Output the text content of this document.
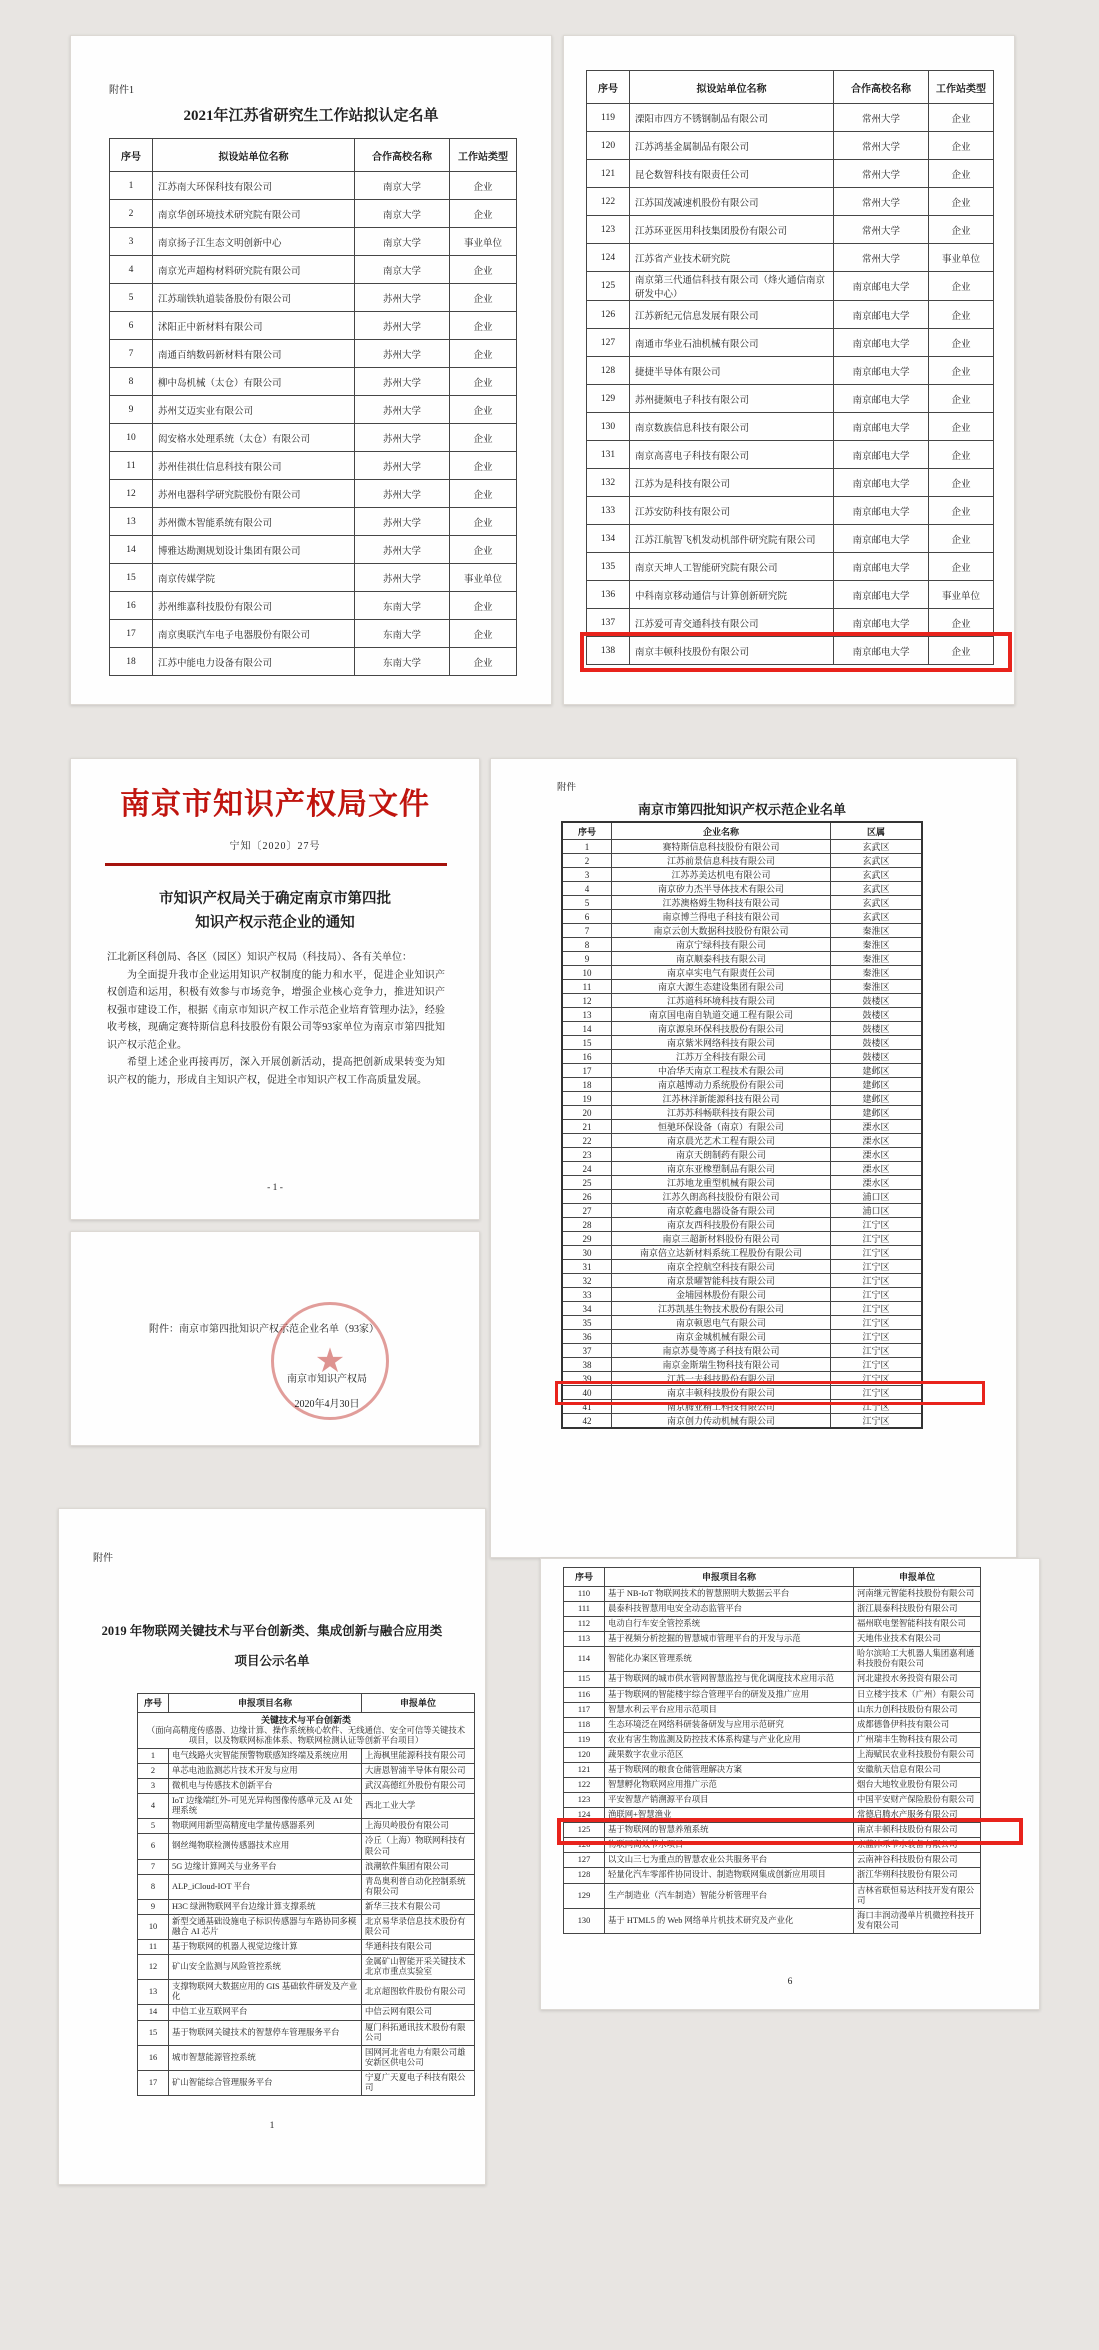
附件1
2021年江苏省研究生工作站拟认定名单
序号	拟设站单位名称	合作高校名称	工作站类型
1	江苏南大环保科技有限公司	南京大学	企业
2	南京华创环境技术研究院有限公司	南京大学	企业
3	南京扬子江生态文明创新中心	南京大学	事业单位
4	南京光声超构材料研究院有限公司	南京大学	企业
5	江苏瑞铁轨道装备股份有限公司	苏州大学	企业
6	沭阳正中新材料有限公司	苏州大学	企业
7	南通百纳数码新材料有限公司	苏州大学	企业
8	柳中岛机械（太仓）有限公司	苏州大学	企业
9	苏州艾迈实业有限公司	苏州大学	企业
10	闳安格水处理系统（太仓）有限公司	苏州大学	企业
11	苏州佳祺仕信息科技有限公司	苏州大学	企业
12	苏州电器科学研究院股份有限公司	苏州大学	企业
13	苏州微木智能系统有限公司	苏州大学	企业
14	博雅达勘测规划设计集团有限公司	苏州大学	企业
15	南京传媒学院	苏州大学	事业单位
16	苏州维嘉科技股份有限公司	东南大学	企业
17	南京奥联汽车电子电器股份有限公司	东南大学	企业
18	江苏中能电力设备有限公司	东南大学	企业
序号	拟设站单位名称	合作高校名称	工作站类型
119	溧阳市四方不锈钢制品有限公司	常州大学	企业
120	江苏鸿基金属制品有限公司	常州大学	企业
121	昆仑数智科技有限责任公司	常州大学	企业
122	江苏国茂减速机股份有限公司	常州大学	企业
123	江苏环亚医用科技集团股份有限公司	常州大学	企业
124	江苏省产业技术研究院	常州大学	事业单位
125	南京第三代通信科技有限公司（烽火通信南京研发中心）	南京邮电大学	企业
126	江苏新纪元信息发展有限公司	南京邮电大学	企业
127	南通市华业石油机械有限公司	南京邮电大学	企业
128	捷捷半导体有限公司	南京邮电大学	企业
129	苏州捷频电子科技有限公司	南京邮电大学	企业
130	南京数族信息科技有限公司	南京邮电大学	企业
131	南京高喜电子科技有限公司	南京邮电大学	企业
132	江苏为是科技有限公司	南京邮电大学	企业
133	江苏安防科技有限公司	南京邮电大学	企业
134	江苏江航智飞机发动机部件研究院有限公司	南京邮电大学	企业
135	南京天坤人工智能研究院有限公司	南京邮电大学	企业
136	中科南京移动通信与计算创新研究院	南京邮电大学	事业单位
137	江苏爱可青交通科技有限公司	南京邮电大学	企业
138	南京丰顿科技股份有限公司	南京邮电大学	企业
南京市知识产权局文件
宁知〔2020〕27号
市知识产权局关于确定南京市第四批
知识产权示范企业的通知

江北新区科创局、各区（园区）知识产权局（科技局）、各有关单位：

为全面提升我市企业运用知识产权制度的能力和水平，促进企业知识产权创造和运用，积极有效参与市场竞争，增强企业核心竞争力，推进知识产权强市建设工作，根据《南京市知识产权工作示范企业培育管理办法》，经验收考核，现确定赛特斯信息科技股份有限公司等93家单位为南京市第四批知识产权示范企业。

希望上述企业再接再厉，深入开展创新活动，提高把创新成果转变为知识产权的能力，形成自主知识产权，促进全市知识产权工作高质量发展。

- 1 -
附件：南京市第四批知识产权示范企业名单（93家）
★
南京市知识产权局
2020年4月30日
附件
南京市第四批知识产权示范企业名单
序号	企业名称	区属
1	赛特斯信息科技股份有限公司	玄武区
2	江苏前景信息科技有限公司	玄武区
3	江苏苏美达机电有限公司	玄武区
4	南京矽力杰半导体技术有限公司	玄武区
5	江苏澳格姆生物科技有限公司	玄武区
6	南京博兰得电子科技有限公司	玄武区
7	南京云创大数据科技股份有限公司	秦淮区
8	南京宁绿科技有限公司	秦淮区
9	南京顺泰科技有限公司	秦淮区
10	南京卓实电气有限责任公司	秦淮区
11	南京大源生态建设集团有限公司	秦淮区
12	江苏道科环境科技有限公司	鼓楼区
13	南京国电南自轨道交通工程有限公司	鼓楼区
14	南京源泉环保科技股份有限公司	鼓楼区
15	南京紫米网络科技有限公司	鼓楼区
16	江苏万全科技有限公司	鼓楼区
17	中冶华天南京工程技术有限公司	建邺区
18	南京越博动力系统股份有限公司	建邺区
19	江苏林洋新能源科技有限公司	建邺区
20	江苏苏科畅联科技有限公司	建邺区
21	恒驰环保设备（南京）有限公司	溧水区
22	南京晨光艺术工程有限公司	溧水区
23	南京天朗制药有限公司	溧水区
24	南京东亚橡塑制品有限公司	溧水区
25	江苏地龙重型机械有限公司	溧水区
26	江苏久朗高科技股份有限公司	浦口区
27	南京乾鑫电器设备有限公司	浦口区
28	南京友西科技股份有限公司	江宁区
29	南京三超新材料股份有限公司	江宁区
30	南京倍立达新材料系统工程股份有限公司	江宁区
31	南京全控航空科技有限公司	江宁区
32	南京景曜智能科技有限公司	江宁区
33	金埔园林股份有限公司	江宁区
34	江苏凯基生物技术股份有限公司	江宁区
35	南京顿恩电气有限公司	江宁区
36	南京金城机械有限公司	江宁区
37	南京苏曼等离子科技有限公司	江宁区
38	南京金斯瑞生物科技有限公司	江宁区
39	江苏一夫科技股份有限公司	江宁区
40	南京丰顿科技股份有限公司	江宁区
41	南京腾亚精工科技有限公司	江宁区
42	南京创力传动机械有限公司	江宁区
附件
2019 年物联网关键技术与平台创新类、集成创新与融合应用类
项目公示名单
序号	申报项目名称	申报单位

关键技术与平台创新类
（面向高精度传感器、边缘计算、操作系统核心软件、无线通信、安全可信等关键技术项目，以及物联网标准体系、物联网检测认证等创新平台项目）		

1	电气线路火灾智能预警物联感知终端及系统应用	上海枫里能源科技有限公司
2	单芯电池监测芯片技术开发与应用	大唐恩智浦半导体有限公司
3	微机电与传感技术创新平台	武汉高德红外股份有限公司
4	IoT 边缘端红外-可见光异构图像传感单元及 AI 处理系统	西北工业大学
5	物联网用新型高精度电学量传感器系列	上海贝岭股份有限公司
6	钢丝绳物联检测传感器技术应用	冷丘（上海）物联网科技有限公司
7	5G 边缘计算网关与业务平台	浪潮软件集团有限公司
8	ALP_iCloud-IOT 平台	青岛奥利普自动化控制系统有限公司
9	H3C 绿洲物联网平台边缘计算支撑系统	新华三技术有限公司
10	新型交通基础设施电子标识传感器与车路协同多模融合 AI 芯片	北京易华录信息技术股份有限公司
11	基于物联网的机器人视觉边缘计算	华通科技有限公司
12	矿山安全监测与风险管控系统	金属矿山智能开采关键技术北京市重点实验室
13	支撑物联网大数据应用的 GIS 基础软件研发及产业化	北京超图软件股份有限公司
14	中信工业互联网平台	中信云网有限公司
15	基于物联网关键技术的智慧停车管理服务平台	厦门科拓通讯技术股份有限公司
16	城市智慧能源管控系统	国网河北省电力有限公司雄安新区供电公司
17	矿山智能综合管理服务平台	宁夏广天夏电子科技有限公司
1
序号	申报项目名称	申报单位
110	基于 NB-IoT 物联网技术的智慧照明大数据云平台	河南继元智能科技股份有限公司
111	晨泰科技智慧用电安全动态监管平台	浙江晨泰科技股份有限公司
112	电动自行车安全管控系统	福州联电堡智能科技有限公司
113	基于视频分析挖掘的智慧城市管理平台的开发与示范	天地伟业技术有限公司
114	智能化办案区管理系统	哈尔滨哈工大机器人集团嘉利通科技股份有限公司
115	基于物联网的城市供水管网智慧监控与优化调度技术应用示范	河北建投水务投资有限公司
116	基于物联网的智能楼宇综合管理平台的研发及推广应用	日立楼宇技术（广州）有限公司
117	智慧水利云平台应用示范项目	山东力创科技股份有限公司
118	生态环境泛在网络科研装备研发与应用示范研究	成都德鲁伊科技有限公司
119	农业有害生物监测及防控技术体系构建与产业化应用	广州瑞丰生物科技有限公司
120	蔬果数字农业示范区	上海赋民农业科技股份有限公司
121	基于物联网的粮食仓储管理解决方案	安徽航天信息有限公司
122	智慧孵化物联网应用推广示范	烟台大地牧业股份有限公司
123	平安智慧产销溯源平台项目	中国平安财产保险股份有限公司
124	渔联网+智慧渔业	常德启腾水产服务有限公司
125	基于物联网的智慧养殖系统	南京丰顿科技股份有限公司
126	物联网高效节水项目	京蓝沐禾节水装备有限公司
127	以文山三七为重点的智慧农业公共服务平台	云南神谷科技股份有限公司
128	轻量化汽车零部件协同设计、制造物联网集成创新应用项目	浙江华朔科技股份有限公司
129	生产制造业（汽车制造）智能分析管理平台	吉林省联恒易达科技开发有限公司
130	基于 HTML5 的 Web 网络单片机技术研究及产业化	海口丰润动漫单片机微控科技开发有限公司
6
